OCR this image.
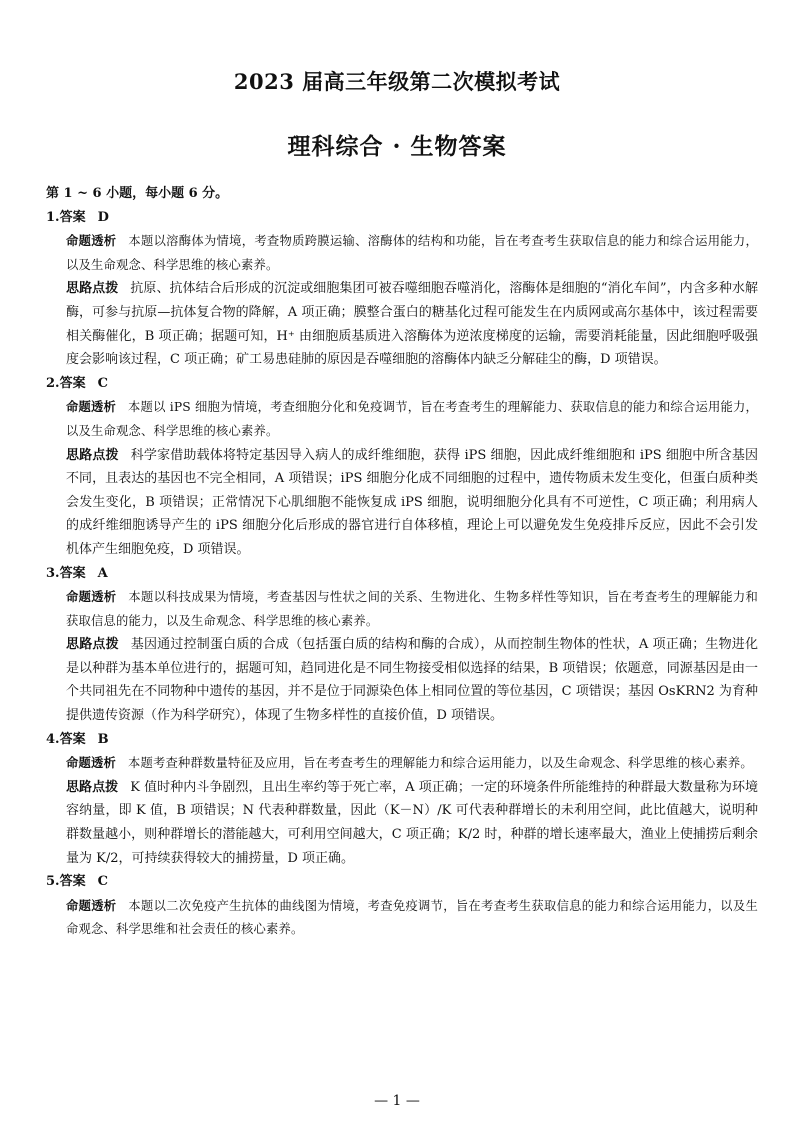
2023 届高三年级第二次模拟考试
理科综合 · 生物答案
第 1 ~ 6 小题，每小题 6 分。
1.答案 D
命题透析 本题以溶酶体为情境，考查物质跨膜运输、溶酶体的结构和功能，旨在考查考生获取信息的能力和综合运用能力，以及生命观念、科学思维的核心素养。
思路点拨 抗原、抗体结合后形成的沉淀或细胞集团可被吞噬细胞吞噬消化，溶酶体是细胞的“消化车间”，内含多种水解酶，可参与抗原—抗体复合物的降解，A 项正确；膜整合蛋白的糖基化过程可能发生在内质网或高尔基体中，该过程需要相关酶催化，B 项正确；据题可知，H⁺ 由细胞质基质进入溶酶体为逆浓度梯度的运输，需要消耗能量，因此细胞呼吸强度会影响该过程，C 项正确；矿工易患硅肺的原因是吞噬细胞的溶酶体内缺乏分解硅尘的酶，D 项错误。
2.答案 C
命题透析 本题以 iPS 细胞为情境，考查细胞分化和免疫调节，旨在考查考生的理解能力、获取信息的能力和综合运用能力，以及生命观念、科学思维的核心素养。
思路点拨 科学家借助载体将特定基因导入病人的成纤维细胞，获得 iPS 细胞，因此成纤维细胞和 iPS 细胞中所含基因不同，且表达的基因也不完全相同，A 项错误；iPS 细胞分化成不同细胞的过程中，遗传物质未发生变化，但蛋白质种类会发生变化，B 项错误；正常情况下心肌细胞不能恢复成 iPS 细胞，说明细胞分化具有不可逆性，C 项正确；利用病人的成纤维细胞诱导产生的 iPS 细胞分化后形成的器官进行自体移植，理论上可以避免发生免疫排斥反应，因此不会引发机体产生细胞免疫，D 项错误。
3.答案 A
命题透析 本题以科技成果为情境，考查基因与性状之间的关系、生物进化、生物多样性等知识，旨在考查考生的理解能力和获取信息的能力，以及生命观念、科学思维的核心素养。
思路点拨 基因通过控制蛋白质的合成（包括蛋白质的结构和酶的合成），从而控制生物体的性状，A 项正确；生物进化是以种群为基本单位进行的，据题可知，趋同进化是不同生物接受相似选择的结果，B 项错误；依题意，同源基因是由一个共同祖先在不同物种中遗传的基因，并不是位于同源染色体上相同位置的等位基因，C 项错误；基因 OsKRN2 为育种提供遗传资源（作为科学研究），体现了生物多样性的直接价值，D 项错误。
4.答案 B
命题透析 本题考查种群数量特征及应用，旨在考查考生的理解能力和综合运用能力，以及生命观念、科学思维的核心素养。
思路点拨 K 值时种内斗争剧烈，且出生率约等于死亡率，A 项正确；一定的环境条件所能维持的种群最大数量称为环境容纳量，即 K 值，B 项错误；N 代表种群数量，因此（K－N）/K 可代表种群增长的未利用空间，此比值越大，说明种群数量越小，则种群增长的潜能越大，可利用空间越大，C 项正确；K/2 时，种群的增长速率最大，渔业上使捕捞后剩余量为 K/2，可持续获得较大的捕捞量，D 项正确。
5.答案 C
命题透析 本题以二次免疫产生抗体的曲线图为情境，考查免疫调节，旨在考查考生获取信息的能力和综合运用能力，以及生命观念、科学思维和社会责任的核心素养。
— 1 —
